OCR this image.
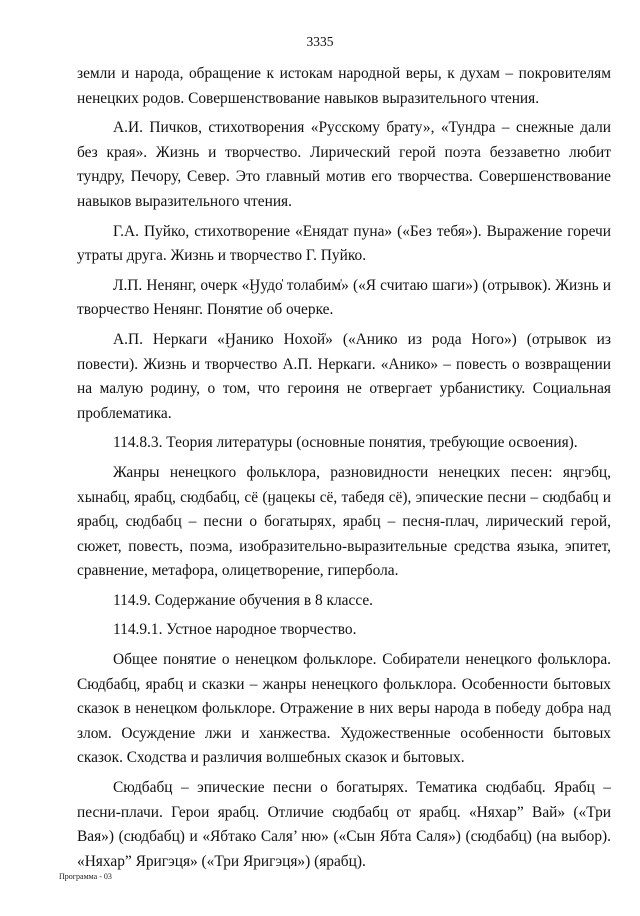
3335

земли и народа, обращение к истокам народной веры, к духам – покровителям ненецких родов. Совершенствование навыков выразительного чтения.

А.И. Пичков, стихотворения «Русскому брату», «Тундра – снежные дали без края». Жизнь и творчество. Лирический герой поэта беззаветно любит тундру, Печору, Север. Это главный мотив его творчества. Совершенствование навыков выразительного чтения.

Г.А. Пуйко, стихотворение «Енядат пуна» («Без тебя»). Выражение горечи утраты друга. Жизнь и творчество Г. Пуйко.

Л.П. Ненянг, очерк «Ӈудо̍ толабим̍» («Я считаю шаги») (отрывок). Жизнь и творчество Ненянг. Понятие об очерке.

А.П. Неркаги «Ӈанико Нохой̍» («Анико из рода Ного») (отрывок из повести). Жизнь и творчество А.П. Неркаги. «Анико» – повесть о возвращении на малую родину, о том, что героиня не отвергает урбанистику. Социальная проблематика.

114.8.3. Теория литературы (основные понятия, требующие освоения).

Жанры ненецкого фольклора, разновидности ненецких песен: яңгэбц, хынабц, ярабц, сюдбабц, сё (ӈацекы сё, табедя сё), эпические песни – сюдбабц и ярабц, сюдбабц – песни о богатырях, ярабц – песня-плач, лирический герой, сюжет, повесть, поэма, изобразительно-выразительные средства языка, эпитет, сравнение, метафора, олицетворение, гипербола.

114.9. Содержание обучения в 8 классе.

114.9.1. Устное народное творчество.

Общее понятие о ненецком фольклоре. Собиратели ненецкого фольклора. Сюдбабц, ярабц и сказки – жанры ненецкого фольклора. Особенности бытовых сказок в ненецком фольклоре. Отражение в них веры народа в победу добра над злом. Осуждение лжи и ханжества. Художественные особенности бытовых сказок. Сходства и различия волшебных сказок и бытовых.

Сюдбабц – эпические песни о богатырях. Тематика сюдбабц. Ярабц – песни-плачи. Герои ярабц. Отличие сюдбабц от ярабц. «Няхар” Вай» («Три Вая») (сюдбабц) и «Ябтако Саля’ ню» («Сын Ябта Саля») (сюдбабц) (на выбор). «Няхар” Яригэця» («Три Яригэця») (ярабц).

Программа - 03
